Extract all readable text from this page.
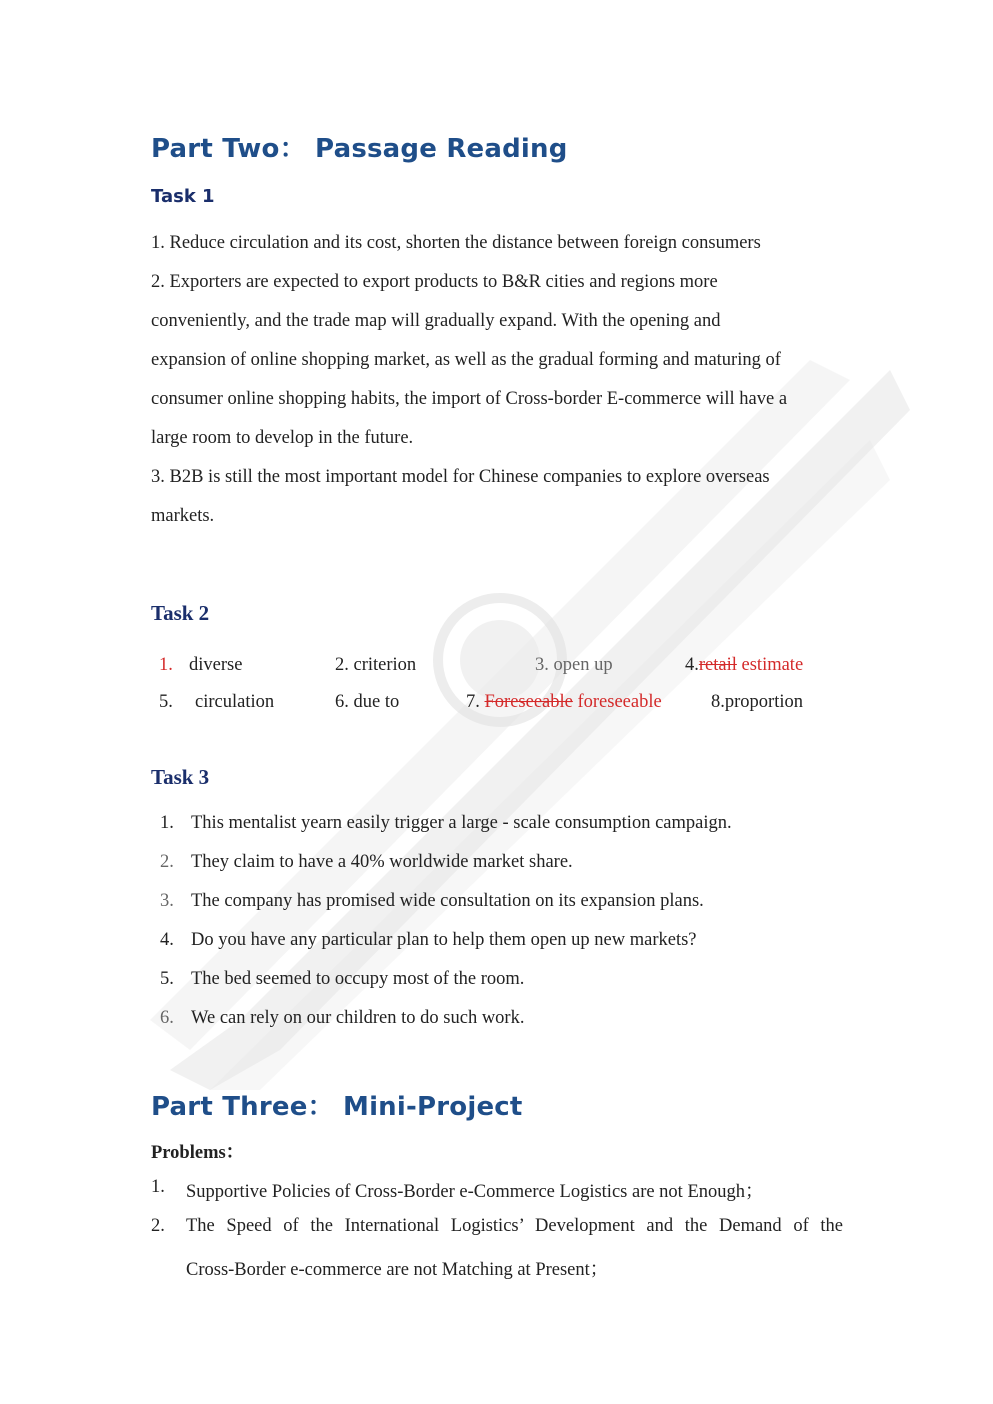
Part Two： Passage Reading
Task 1

1. Reduce circulation and its cost, shorten the distance between foreign consumers

2. Exporters are expected to export products to B&R cities and regions more

conveniently, and the trade map will gradually expand. With the opening and

expansion of online shopping market, as well as the gradual forming and maturing of

consumer online shopping habits, the import of Cross-border E-commerce will have a

large room to develop in the future.

3. B2B is still the most important model for Chinese companies to explore overseas

markets.

Task 2
1. diverse	2. criterion	3. open up	4.retail estimate
5. circulation	6. due to	7. Foreseeable foreseeable	8.proportion
Task 3
1. This mentalist yearn easily trigger a large - scale consumption campaign.
2. They claim to have a 40% worldwide market share.
3. The company has promised wide consultation on its expansion plans.
4. Do you have any particular plan to help them open up new markets?
5. The bed seemed to occupy most of the room.
6. We can rely on our children to do such work.
Part Three： Mini-Project
Problems：
1. Supportive Policies of Cross-Border e-Commerce Logistics are not Enough；
2. The Speed of the International Logistics’ Development and the Demand of the
Cross-Border e-commerce are not Matching at Present；
